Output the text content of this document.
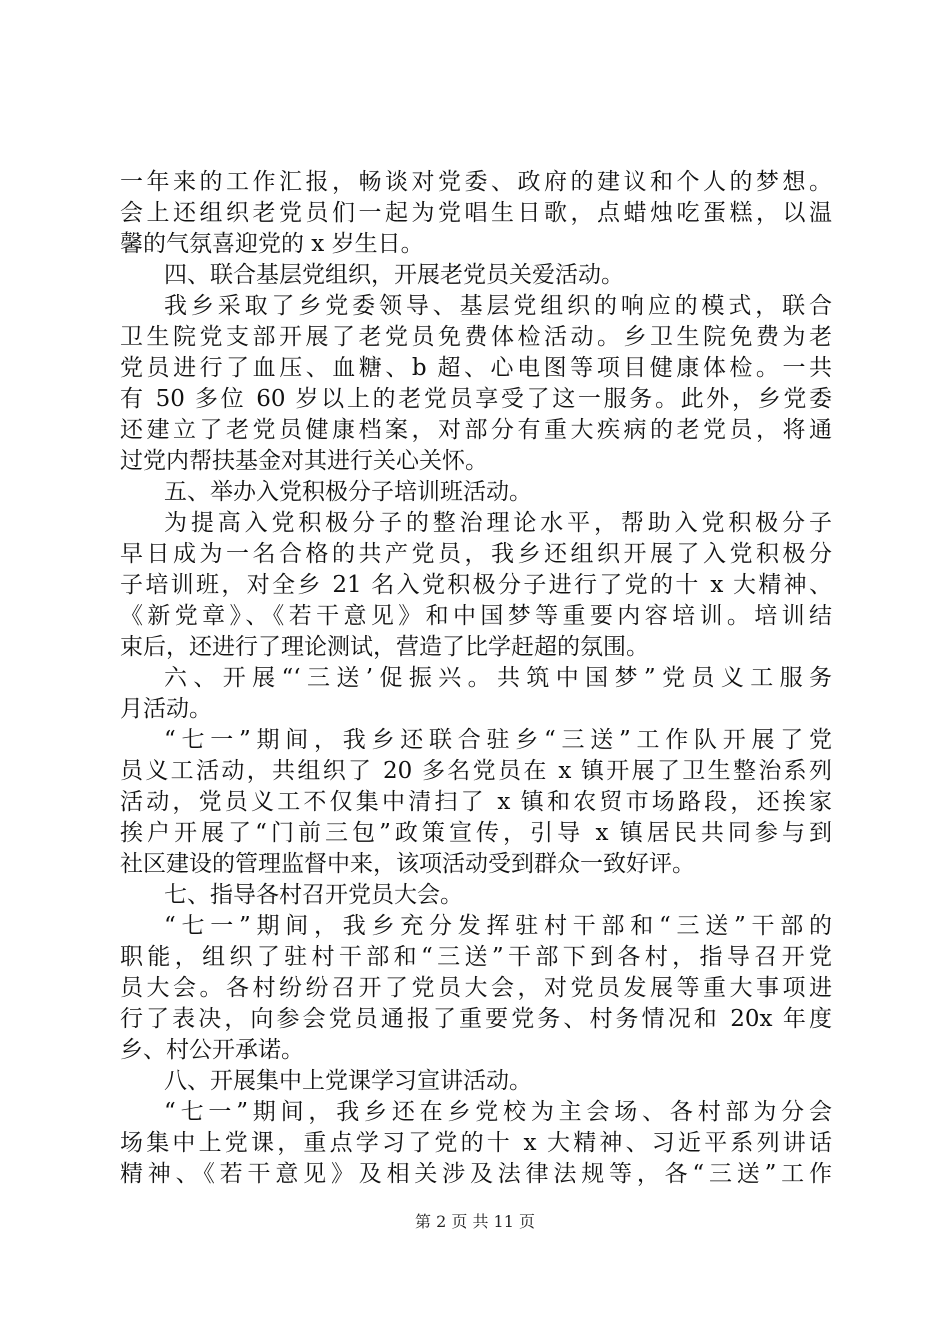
一年来的工作汇报，畅谈对党委、政府的建议和个人的梦想。
会上还组织老党员们一起为党唱生日歌，点蜡烛吃蛋糕，以温
馨的气氛喜迎党的 x 岁生日。
四、联合基层党组织，开展老党员关爱活动。
我乡采取了乡党委领导、基层党组织的响应的模式，联合
卫生院党支部开展了老党员免费体检活动。乡卫生院免费为老
党员进行了血压、血糖、b 超、心电图等项目健康体检。一共
有 50 多位 60 岁以上的老党员享受了这一服务。此外，乡党委
还建立了老党员健康档案，对部分有重大疾病的老党员，将通
过党内帮扶基金对其进行关心关怀。
五、举办入党积极分子培训班活动。
为提高入党积极分子的整治理论水平，帮助入党积极分子
早日成为一名合格的共产党员，我乡还组织开展了入党积极分
子培训班，对全乡 21 名入党积极分子进行了党的十 x 大精神、
《新党章》、《若干意见》和中国梦等重要内容培训。培训结
束后，还进行了理论测试，营造了比学赶超的氛围。
六、开展“‘三送’促振兴。共筑中国梦”党员义工服务
月活动。
“七一”期间，我乡还联合驻乡“三送”工作队开展了党
员义工活动，共组织了 20 多名党员在 x 镇开展了卫生整治系列
活动，党员义工不仅集中清扫了 x 镇和农贸市场路段，还挨家
挨户开展了“门前三包”政策宣传，引导 x 镇居民共同参与到
社区建设的管理监督中来，该项活动受到群众一致好评。
七、指导各村召开党员大会。
“七一”期间，我乡充分发挥驻村干部和“三送”干部的
职能，组织了驻村干部和“三送”干部下到各村，指导召开党
员大会。各村纷纷召开了党员大会，对党员发展等重大事项进
行了表决，向参会党员通报了重要党务、村务情况和 20x 年度
乡、村公开承诺。
八、开展集中上党课学习宣讲活动。
“七一”期间，我乡还在乡党校为主会场、各村部为分会
场集中上党课，重点学习了党的十 x 大精神、习近平系列讲话
精神、《若干意见》及相关涉及法律法规等，各“三送”工作
第 2 页 共 11 页
